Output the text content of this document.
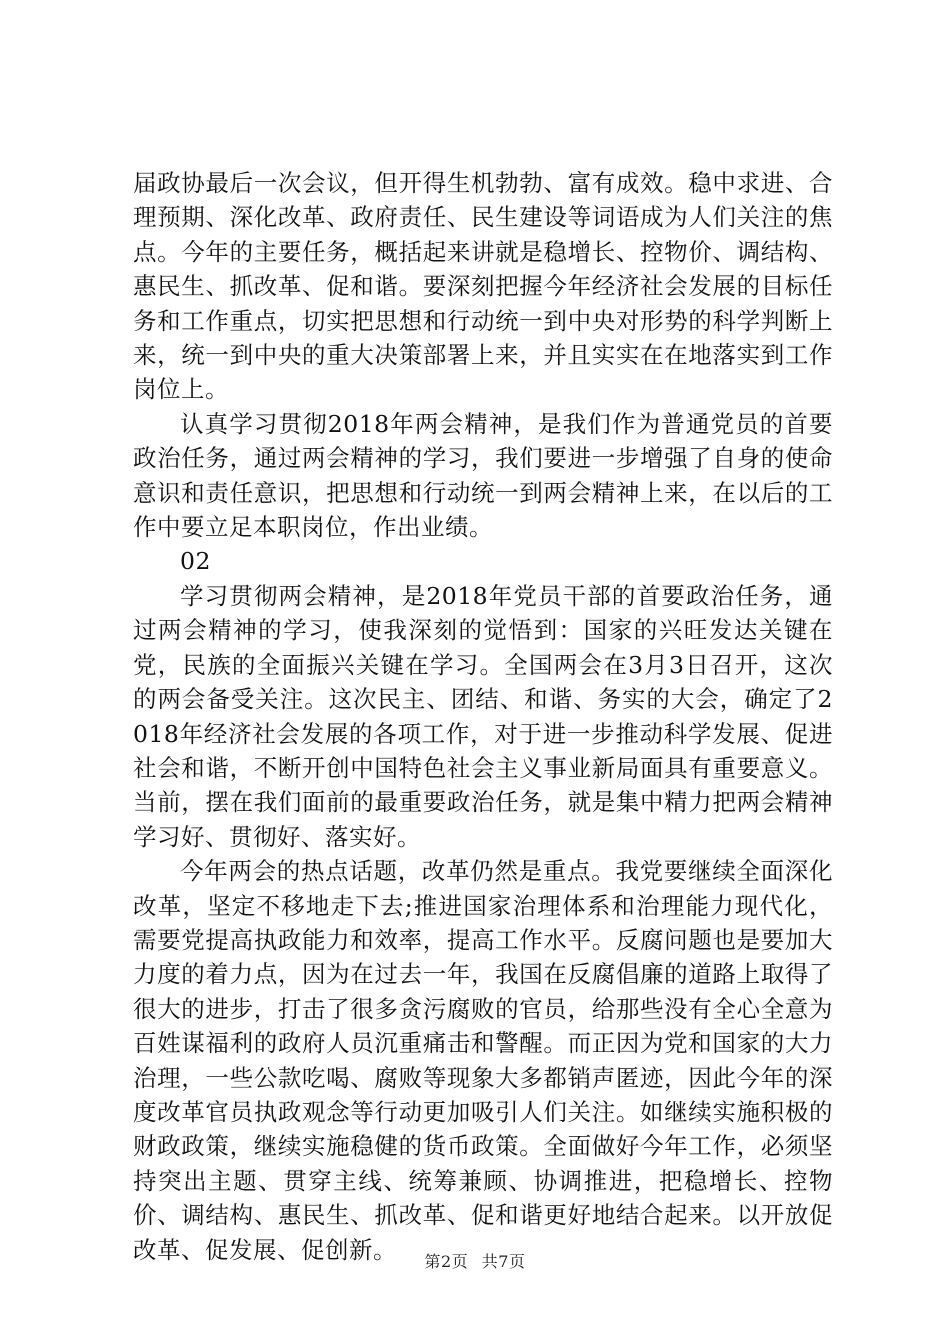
届政协最后一次会议，但开得生机勃勃、富有成效。稳中求进、合理预期、深化改革、政府责任、民生建设等词语成为人们关注的焦点。今年的主要任务，概括起来讲就是稳增长、控物价、调结构、惠民生、抓改革、促和谐。要深刻把握今年经济社会发展的目标任务和工作重点，切实把思想和行动统一到中央对形势的科学判断上来，统一到中央的重大决策部署上来，并且实实在在地落实到工作岗位上。

认真学习贯彻2018年两会精神，是我们作为普通党员的首要政治任务，通过两会精神的学习，我们要进一步增强了自身的使命意识和责任意识，把思想和行动统一到两会精神上来，在以后的工作中要立足本职岗位，作出业绩。

02

学习贯彻两会精神，是2018年党员干部的首要政治任务，通过两会精神的学习，使我深刻的觉悟到：国家的兴旺发达关键在党，民族的全面振兴关键在学习。全国两会在3月3日召开，这次的两会备受关注。这次民主、团结、和谐、务实的大会，确定了2018年经济社会发展的各项工作，对于进一步推动科学发展、促进社会和谐，不断开创中国特色社会主义事业新局面具有重要意义。当前，摆在我们面前的最重要政治任务，就是集中精力把两会精神学习好、贯彻好、落实好。

今年两会的热点话题，改革仍然是重点。我党要继续全面深化改革，坚定不移地走下去;推进国家治理体系和治理能力现代化，需要党提高执政能力和效率，提高工作水平。反腐问题也是要加大力度的着力点，因为在过去一年，我国在反腐倡廉的道路上取得了很大的进步，打击了很多贪污腐败的官员，给那些没有全心全意为百姓谋福利的政府人员沉重痛击和警醒。而正因为党和国家的大力治理，一些公款吃喝、腐败等现象大多都销声匿迹，因此今年的深度改革官员执政观念等行动更加吸引人们关注。如继续实施积极的财政政策，继续实施稳健的货币政策。全面做好今年工作，必须坚持突出主题、贯穿主线、统筹兼顾、协调推进，把稳增长、控物价、调结构、惠民生、抓改革、促和谐更好地结合起来。以开放促改革、促发展、促创新。	第2页 共7页
